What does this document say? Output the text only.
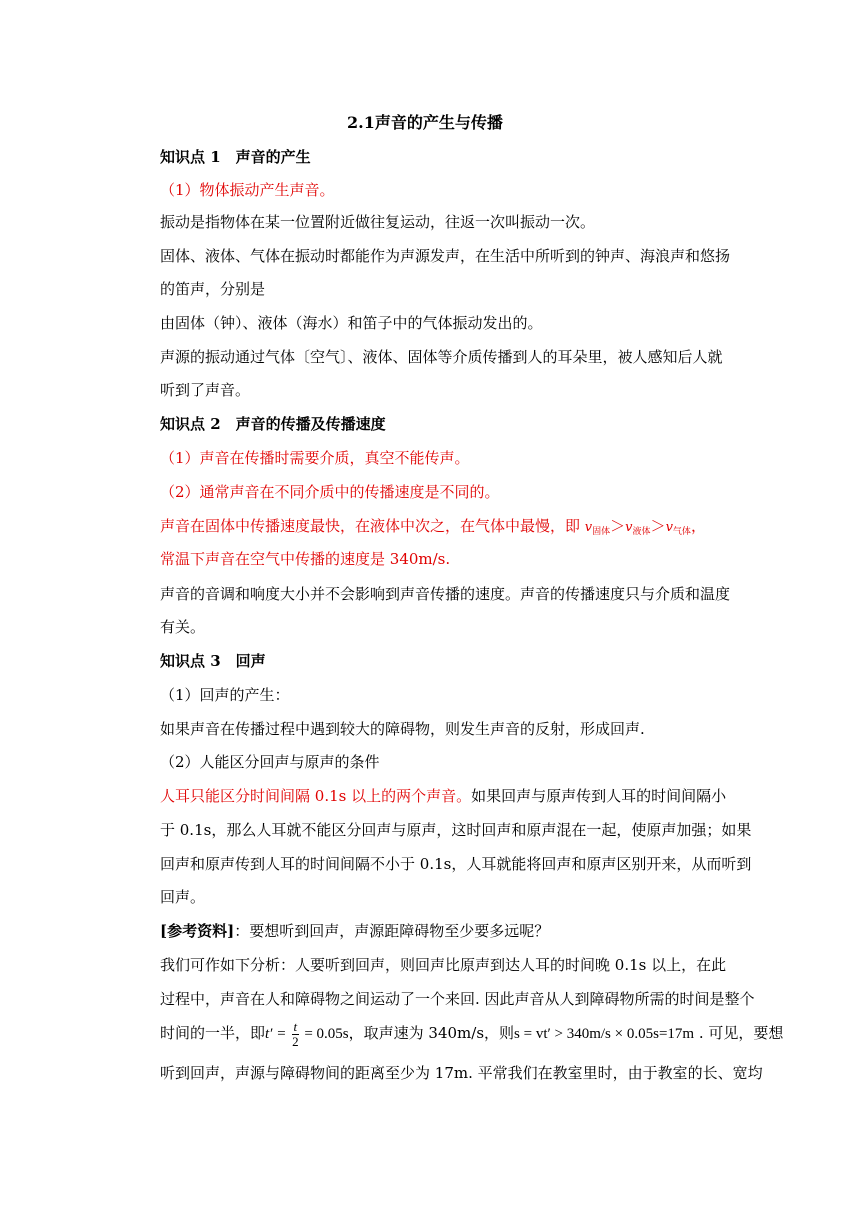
2.1声音的产生与传播
知识点 1　声音的产生
（1）物体振动产生声音。
振动是指物体在某一位置附近做往复运动，往返一次叫振动一次。
固体、液体、气体在振动时都能作为声源发声，在生活中所听到的钟声、海浪声和悠扬
的笛声，分别是
由固体（钟）、液体（海水）和笛子中的气体振动发出的。
声源的振动通过气体〔空气〕、液体、固体等介质传播到人的耳朵里，被人感知后人就
听到了声音。
知识点 2　声音的传播及传播速度
（1）声音在传播时需要介质，真空不能传声。
（2）通常声音在不同介质中的传播速度是不同的。
声音在固体中传播速度最快，在液体中次之，在气体中最慢，即 $v_{固体}>v_{液体}>v_{气体}$，
常温下声音在空气中传播的速度是 340m/s.
声音的音调和响度大小并不会影响到声音传播的速度。声音的传播速度只与介质和温度
有关。
知识点 3　回声
（1）回声的产生：
如果声音在传播过程中遇到较大的障碍物，则发生声音的反射，形成回声.
（2）人能区分回声与原声的条件
人耳只能区分时间间隔 0.1s 以上的两个声音。如果回声与原声传到人耳的时间间隔小
于 0.1s，那么人耳就不能区分回声与原声，这时回声和原声混在一起，使原声加强；如果
回声和原声传到人耳的时间间隔不小于 0.1s，人耳就能将回声和原声区别开来，从而听到
回声。
[参考资料]：要想听到回声，声源距障碍物至少要多远呢？
我们可作如下分析：人要听到回声，则回声比原声到达人耳的时间晚 0.1s 以上，在此
过程中，声音在人和障碍物之间运动了一个来回. 因此声音从人到障碍物所需的时间是整个
时间的一半，即$t' = \frac{t}{2} = 0.05s$，取声速为 340m/s，则s = vt′ > 340m/s × 0.05s=17m . 可见，要想
听到回声，声源与障碍物间的距离至少为 17m. 平常我们在教室里时，由于教室的长、宽均
